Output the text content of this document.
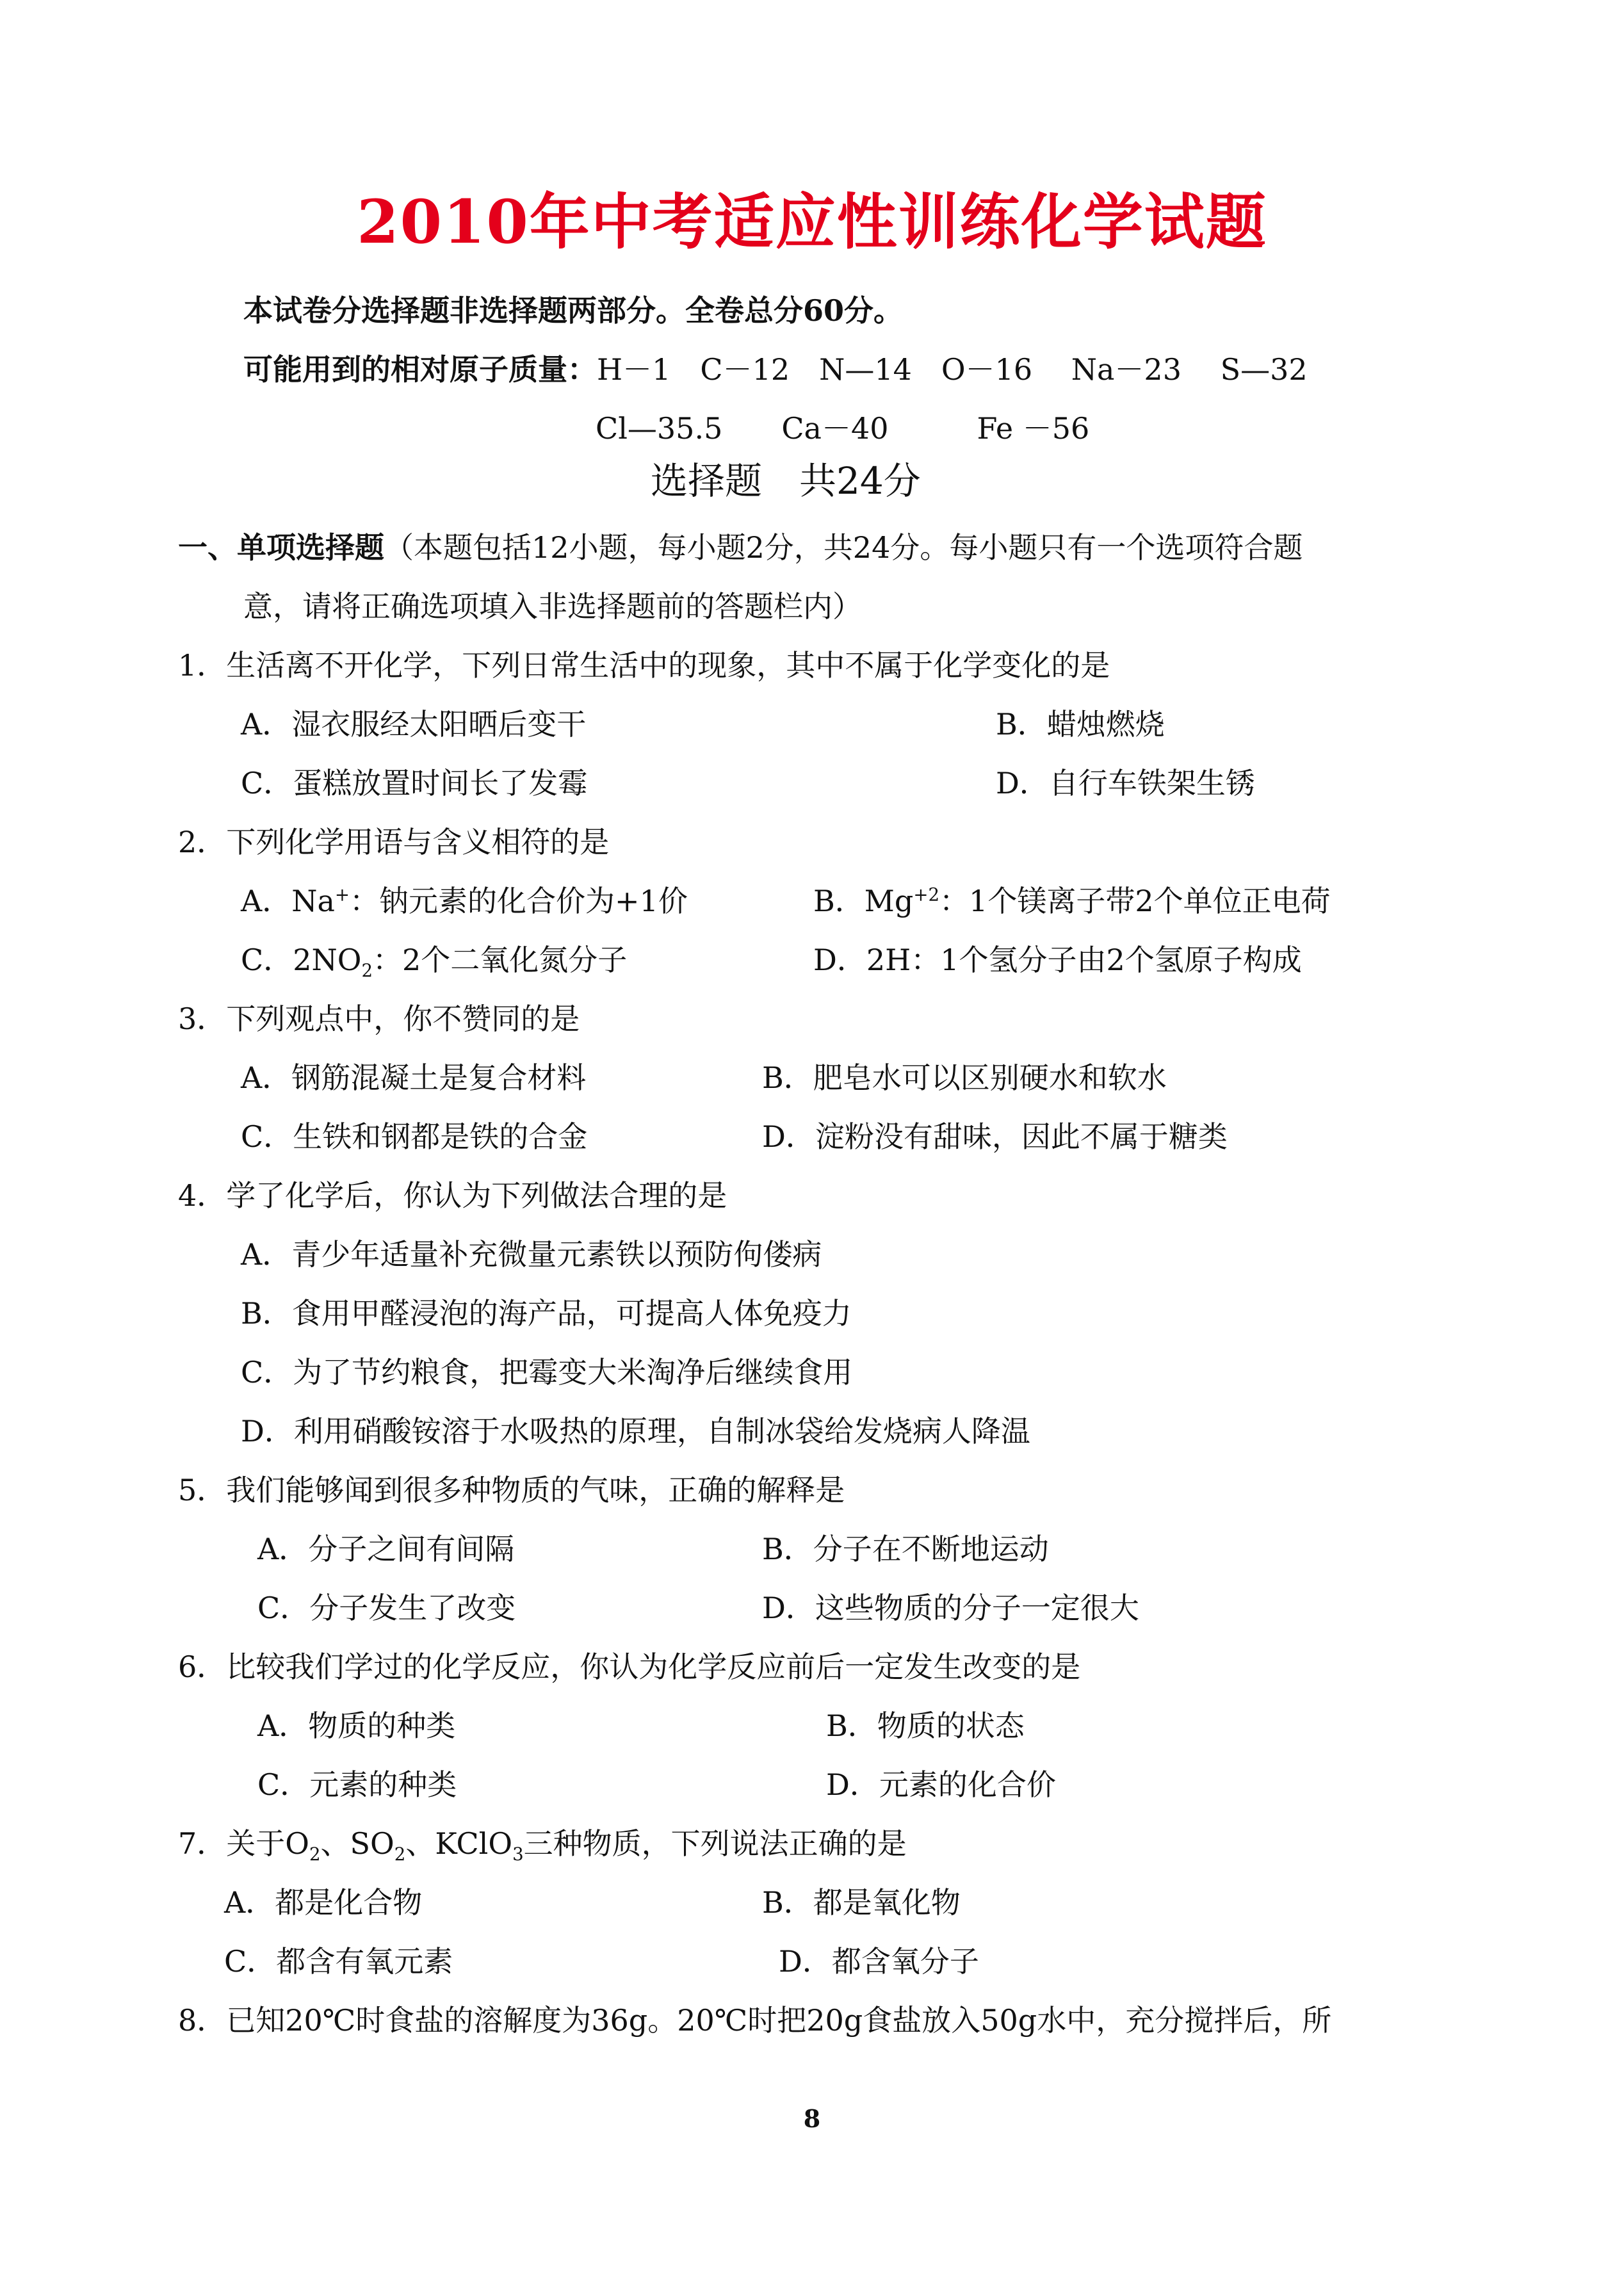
2010年中考适应性训练化学试题
本试卷分选择题非选择题两部分。全卷总分60分。
可能用到的相对原子质量：H－1　C－12　N—14　O－16　 Na－23　 S—32
Cl—35.5　　Ca－40　　　Fe －56
选择题　共24分
一、单项选择题（本题包括12小题，每小题2分，共24分。每小题只有一个选项符合题
意，请将正确选项填入非选择题前的答题栏内）
1．生活离不开化学，下列日常生活中的现象，其中不属于化学变化的是
A．湿衣服经太阳晒后变干	B．蜡烛燃烧
C．蛋糕放置时间长了发霉	D．自行车铁架生锈
2．下列化学用语与含义相符的是
A．Na+：钠元素的化合价为+1价	B．$Mg^{+2}$：1个镁离子带2个单位正电荷
C．$2NO_2$：2个二氧化氮分子	D．2H：1个氢分子由2个氢原子构成
3．下列观点中，你不赞同的是
A．钢筋混凝土是复合材料	B．肥皂水可以区别硬水和软水
C．生铁和钢都是铁的合金	D．淀粉没有甜味，因此不属于糖类
4．学了化学后，你认为下列做法合理的是
A．青少年适量补充微量元素铁以预防佝偻病
B．食用甲醛浸泡的海产品，可提高人体免疫力
C．为了节约粮食，把霉变大米淘净后继续食用
D．利用硝酸铵溶于水吸热的原理，自制冰袋给发烧病人降温
5．我们能够闻到很多种物质的气味，正确的解释是
A．分子之间有间隔	B．分子在不断地运动
C．分子发生了改变	D．这些物质的分子一定很大
6．比较我们学过的化学反应，你认为化学反应前后一定发生改变的是
A．物质的种类	B．物质的状态
C．元素的种类	D．元素的化合价
7．关于$O_2$、$SO_2$、KClO$_3$三种物质，下列说法正确的是
A．都是化合物	B．都是氧化物
C．都含有氧元素	D．都含氧分子
8．已知20℃时食盐的溶解度为36g。20℃时把20g食盐放入50g水中，充分搅拌后，所
8
